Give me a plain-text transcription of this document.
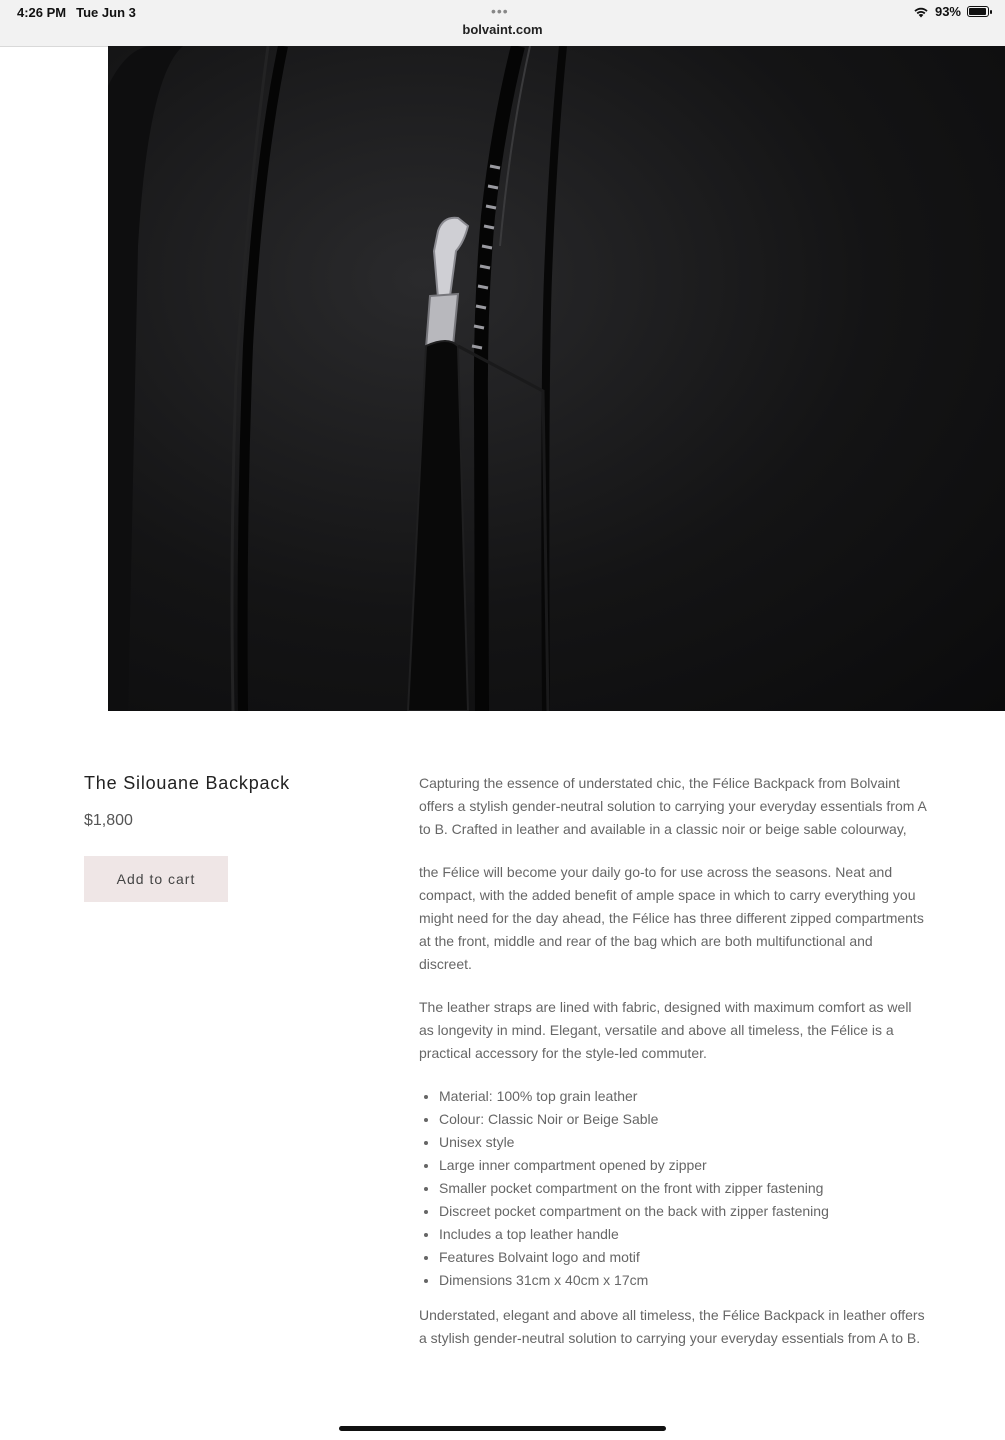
4:26 PM Tue Jun 3	•••
bolvaint.com
93%
The Silouane Backpack
$1,800
Add to cart

Capturing the essence of understated chic, the Félice Backpack from Bolvaint offers a stylish gender-neutral solution to carrying your everyday essentials from A to B. Crafted in leather and available in a classic noir or beige sable colourway,

the Félice will become your daily go-to for use across the seasons. Neat and compact, with the added benefit of ample space in which to carry everything you might need for the day ahead, the Félice has three different zipped compartments at the front, middle and rear of the bag which are both multifunctional and discreet.

The leather straps are lined with fabric, designed with maximum comfort as well as longevity in mind. Elegant, versatile and above all timeless, the Félice is a practical accessory for the style-led commuter.

• Material: 100% top grain leather
• Colour: Classic Noir or Beige Sable
• Unisex style
• Large inner compartment opened by zipper
• Smaller pocket compartment on the front with zipper fastening
• Discreet pocket compartment on the back with zipper fastening
• Includes a top leather handle
• Features Bolvaint logo and motif
• Dimensions 31cm x 40cm x 17cm

Understated, elegant and above all timeless, the Félice Backpack in leather offers a stylish gender-neutral solution to carrying your everyday essentials from A to B.
